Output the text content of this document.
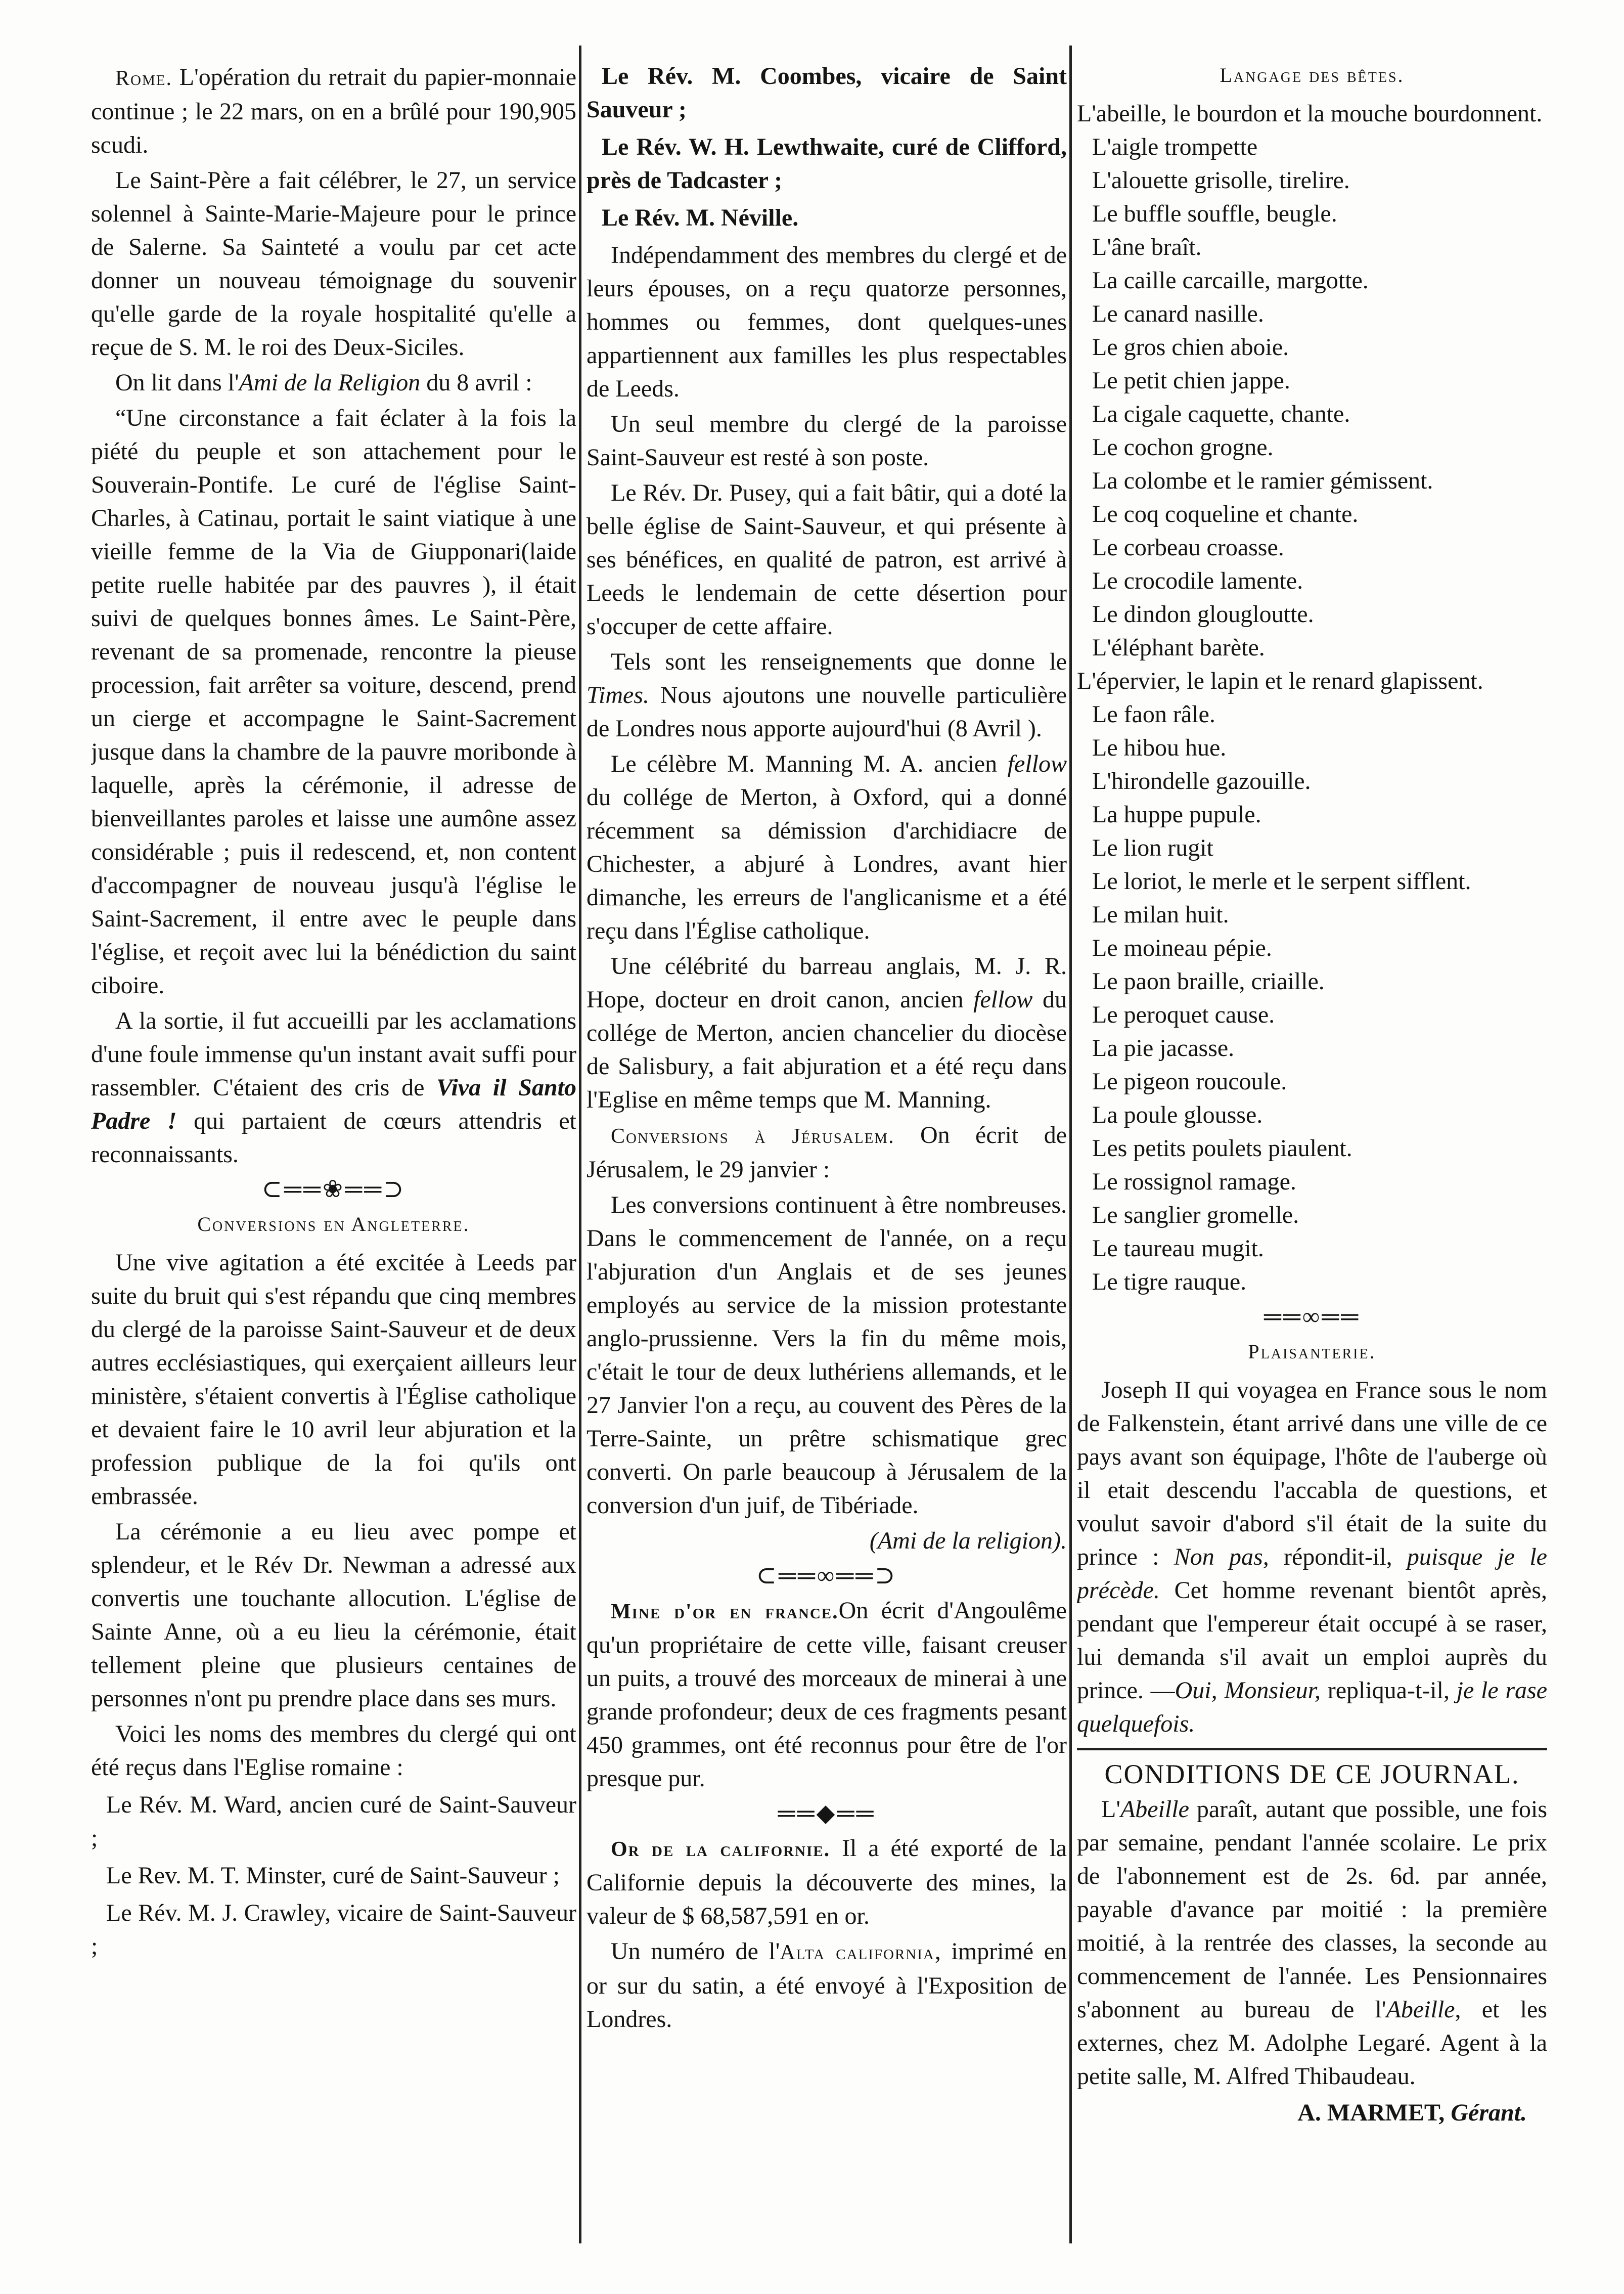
Rome. L'opération du retrait du papier-monnaie continue ; le 22 mars, on en a brûlé pour 190,905 scudi.

Le Saint-Père a fait célébrer, le 27, un service solennel à Sainte-Marie-Majeure pour le prince de Salerne. Sa Sainteté a voulu par cet acte donner un nouveau témoignage du souvenir qu'elle garde de la royale hospitalité qu'elle a reçue de S. M. le roi des Deux-Siciles.

On lit dans l'Ami de la Religion du 8 avril :

“Une circonstance a fait éclater à la fois la piété du peuple et son attachement pour le Souverain-Pontife. Le curé de l'église Saint-Charles, à Catinau, portait le saint viatique à une vieille femme de la Via de Giupponari(laide petite ruelle habitée par des pauvres ), il était suivi de quelques bonnes âmes. Le Saint-Père, revenant de sa promenade, rencontre la pieuse procession, fait arrêter sa voiture, descend, prend un cierge et accompagne le Saint-Sacrement jusque dans la chambre de la pauvre moribonde à laquelle, après la cérémonie, il adresse de bienveillantes paroles et laisse une aumône assez considérable ; puis il redescend, et, non content d'accompagner de nouveau jusqu'à l'église le Saint-Sacrement, il entre avec le peuple dans l'église, et reçoit avec lui la bénédiction du saint ciboire.

A la sortie, il fut accueilli par les acclamations d'une foule immense qu'un instant avait suffi pour rassembler. C'étaient des cris de Viva il Santo Padre ! qui partaient de cœurs attendris et reconnaissants.

⊂══❀══⊃

Conversions en Angleterre.

Une vive agitation a été excitée à Leeds par suite du bruit qui s'est répandu que cinq membres du clergé de la paroisse Saint-Sauveur et de deux autres ecclésiastiques, qui exerçaient ailleurs leur ministère, s'étaient convertis à l'Église catholique et devaient faire le 10 avril leur abjuration et la profession publique de la foi qu'ils ont embrassée.

La cérémonie a eu lieu avec pompe et splendeur, et le Rév Dr. Newman a adressé aux convertis une touchante allocution. L'église de Sainte Anne, où a eu lieu la cérémonie, était tellement pleine que plusieurs centaines de personnes n'ont pu prendre place dans ses murs.

Voici les noms des membres du clergé qui ont été reçus dans l'Eglise romaine :

Le Rév. M. Ward, ancien curé de Saint-Sauveur ;

Le Rev. M. T. Minster, curé de Saint-Sauveur ;

Le Rév. M. J. Crawley, vicaire de Saint-Sauveur ;

Le Rév. M. Coombes, vicaire de Saint Sauveur ;

Le Rév. W. H. Lewthwaite, curé de Clifford, près de Tadcaster ;

Le Rév. M. Néville.

Indépendamment des membres du clergé et de leurs épouses, on a reçu quatorze personnes, hommes ou femmes, dont quelques-unes appartiennent aux familles les plus respectables de Leeds.

Un seul membre du clergé de la paroisse Saint-Sauveur est resté à son poste.

Le Rév. Dr. Pusey, qui a fait bâtir, qui a doté la belle église de Saint-Sauveur, et qui présente à ses bénéfices, en qualité de patron, est arrivé à Leeds le lendemain de cette désertion pour s'occuper de cette affaire.

Tels sont les renseignements que donne le Times. Nous ajoutons une nouvelle particulière de Londres nous apporte aujourd'hui (8 Avril ).

Le célèbre M. Manning M. A. ancien fellow du collége de Merton, à Oxford, qui a donné récemment sa démission d'archidiacre de Chichester, a abjuré à Londres, avant hier dimanche, les erreurs de l'anglicanisme et a été reçu dans l'Église catholique.

Une célébrité du barreau anglais, M. J. R. Hope, docteur en droit canon, ancien fellow du collége de Merton, ancien chancelier du diocèse de Salisbury, a fait abjuration et a été reçu dans l'Eglise en même temps que M. Manning.

Conversions à Jérusalem. On écrit de Jérusalem, le 29 janvier :

Les conversions continuent à être nombreuses. Dans le commencement de l'année, on a reçu l'abjuration d'un Anglais et de ses jeunes employés au service de la mission protestante anglo-prussienne. Vers la fin du même mois, c'était le tour de deux luthériens allemands, et le 27 Janvier l'on a reçu, au couvent des Pères de la Terre-Sainte, un prêtre schismatique grec converti. On parle beaucoup à Jérusalem de la conversion d'un juif, de Tibériade.

(Ami de la religion).

⊂══∞══⊃

Mine d'or en france.On écrit d'Angoulême qu'un propriétaire de cette ville, faisant creuser un puits, a trouvé des morceaux de minerai à une grande profondeur; deux de ces fragments pesant 450 grammes, ont été reconnus pour être de l'or presque pur.

══◆══

Or de la californie. Il a été exporté de la Californie depuis la découverte des mines, la valeur de $ 68,587,591 en or.

Un numéro de l'Alta california, imprimé en or sur du satin, a été envoyé à l'Exposition de Londres.

Langage des bêtes.

L'abeille, le bourdon et la mouche bourdonnent.

L'aigle trompette

L'alouette grisolle, tirelire.

Le buffle souffle, beugle.

L'âne braît.

La caille carcaille, margotte.

Le canard nasille.

Le gros chien aboie.

Le petit chien jappe.

La cigale caquette, chante.

Le cochon grogne.

La colombe et le ramier gémissent.

Le coq coqueline et chante.

Le corbeau croasse.

Le crocodile lamente.

Le dindon glougloutte.

L'éléphant barète.

L'épervier, le lapin et le renard glapissent.

Le faon râle.

Le hibou hue.

L'hirondelle gazouille.

La huppe pupule.

Le lion rugit

Le loriot, le merle et le serpent sifflent.

Le milan huit.

Le moineau pépie.

Le paon braille, criaille.

Le peroquet cause.

La pie jacasse.

Le pigeon roucoule.

La poule glousse.

Les petits poulets piaulent.

Le rossignol ramage.

Le sanglier gromelle.

Le taureau mugit.

Le tigre rauque.

══∞══

Plaisanterie.

Joseph II qui voyagea en France sous le nom de Falkenstein, étant arrivé dans une ville de ce pays avant son équipage, l'hôte de l'auberge où il etait descendu l'accabla de questions, et voulut savoir d'abord s'il était de la suite du prince : Non pas, répondit-il, puisque je le précède. Cet homme revenant bientôt après, pendant que l'empereur était occupé à se raser, lui demanda s'il avait un emploi auprès du prince. —Oui, Monsieur, repliqua-t-il, je le rase quelquefois.

CONDITIONS DE CE JOURNAL.

L'Abeille paraît, autant que possible, une fois par semaine, pendant l'année scolaire. Le prix de l'abonnement est de 2s. 6d. par année, payable d'avance par moitié : la première moitié, à la rentrée des classes, la seconde au commencement de l'année. Les Pensionnaires s'abonnent au bureau de l'Abeille, et les externes, chez M. Adolphe Legaré. Agent à la petite salle, M. Alfred Thibaudeau.

A. MARMET, Gérant.
